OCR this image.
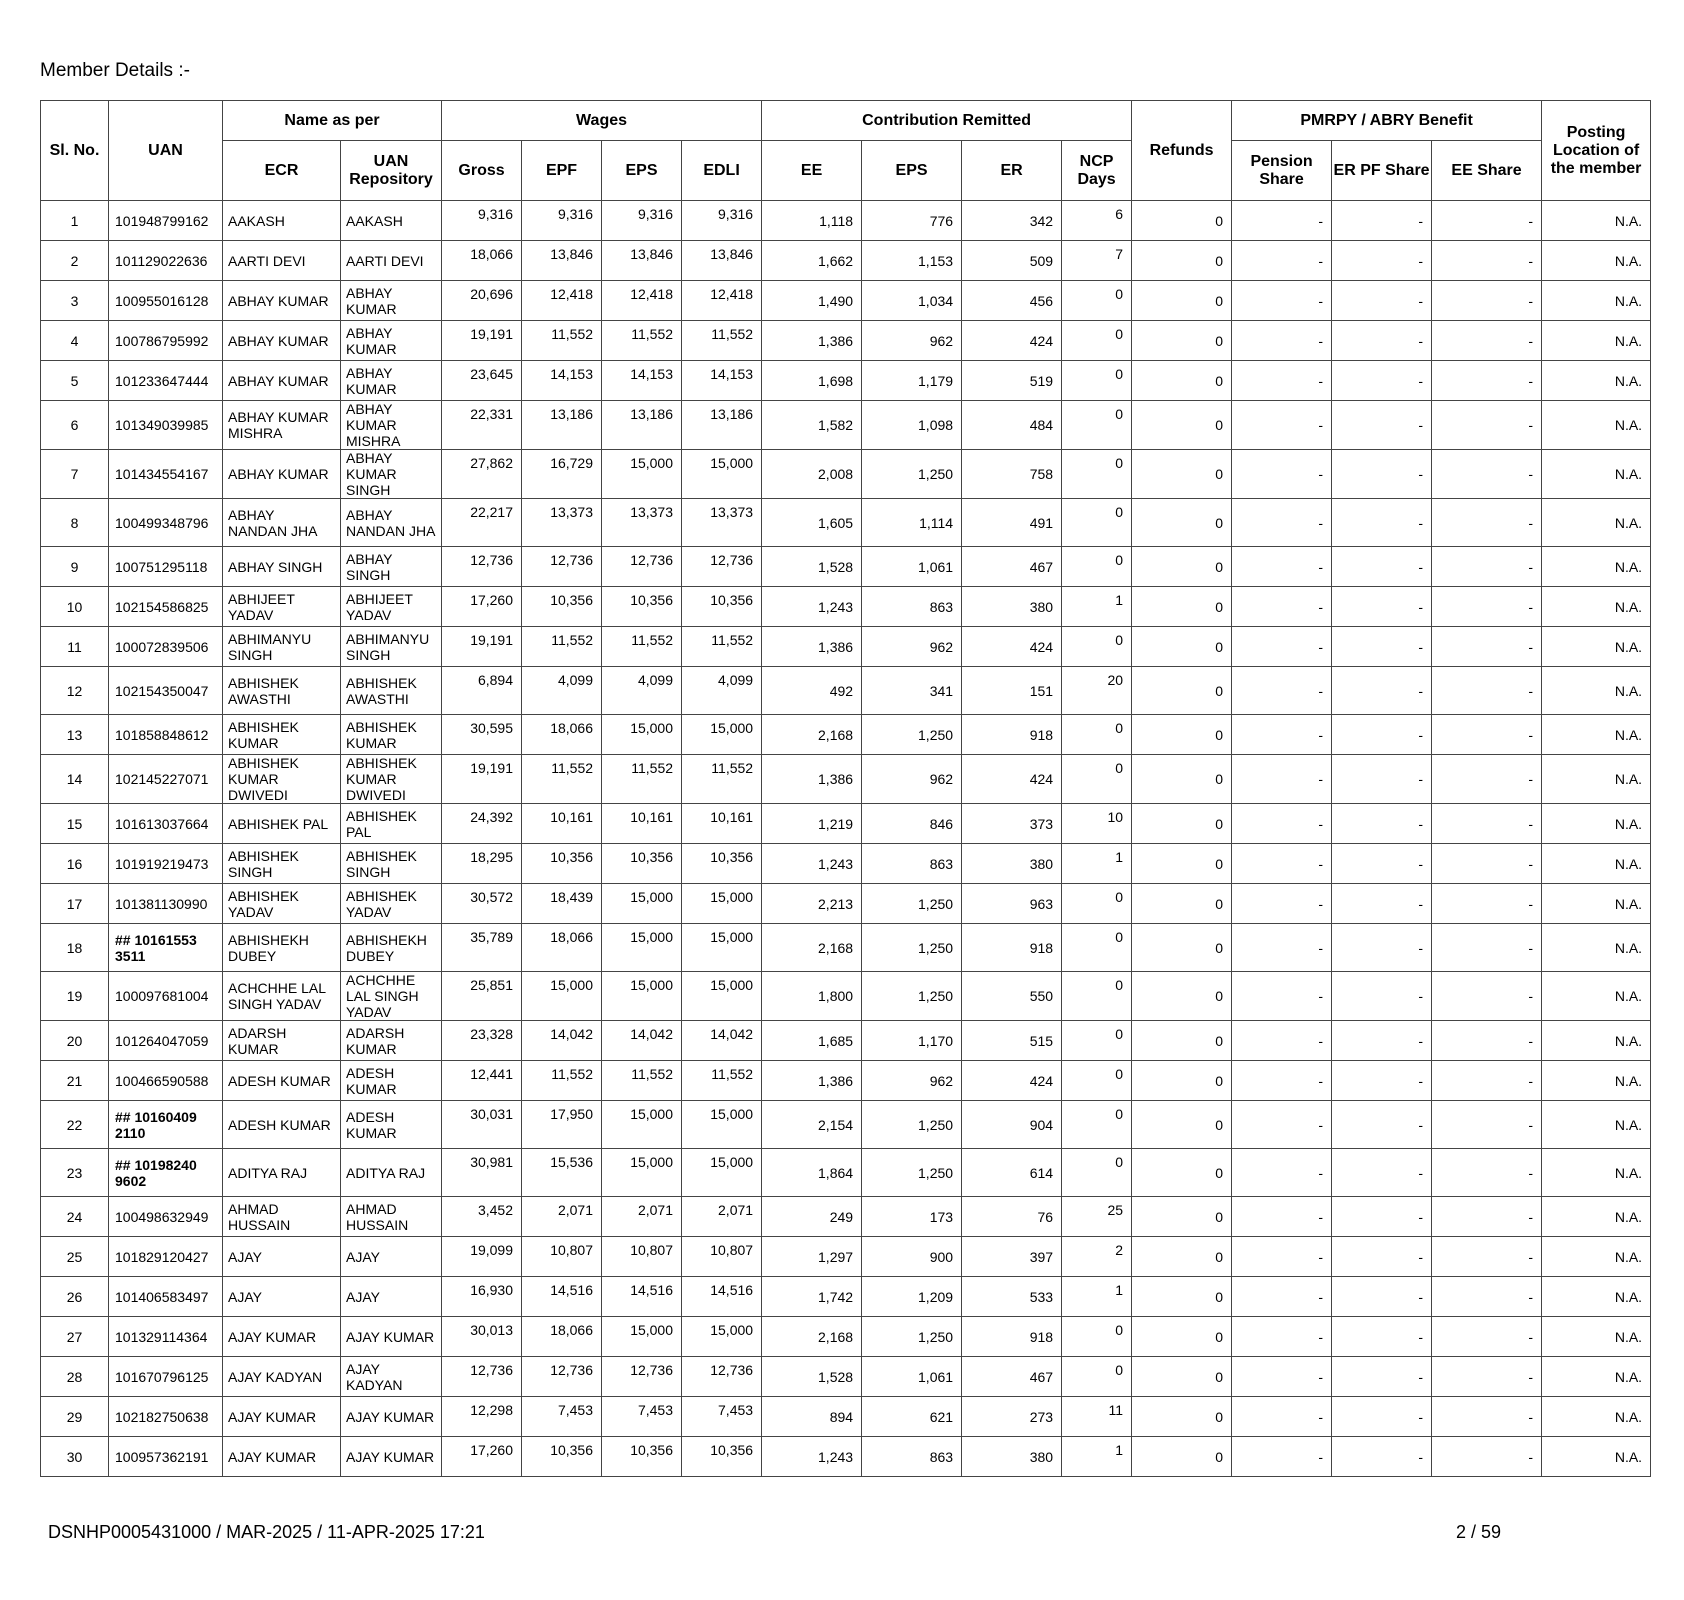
Member Details :-
Sl. No.	UAN	Name as per		Wages				Contribution Remitted				Refunds	PMRPY / ABRY Benefit			Posting Location of the member
		ECR	UAN Repository	Gross	EPF	EPS	EDLI	EE	EPS	ER	NCP Days		Pension Share	ER PF Share	EE Share	
1	101948799162	AAKASH	AAKASH	9,316	9,316	9,316	9,316	1,118	776	342	6	0	-	-	-	N.A.
2	101129022636	AARTI DEVI	AARTI DEVI	18,066	13,846	13,846	13,846	1,662	1,153	509	7	0	-	-	-	N.A.
3	100955016128	ABHAY KUMAR	ABHAY KUMAR	20,696	12,418	12,418	12,418	1,490	1,034	456	0	0	-	-	-	N.A.
4	100786795992	ABHAY KUMAR	ABHAY KUMAR	19,191	11,552	11,552	11,552	1,386	962	424	0	0	-	-	-	N.A.
5	101233647444	ABHAY KUMAR	ABHAY KUMAR	23,645	14,153	14,153	14,153	1,698	1,179	519	0	0	-	-	-	N.A.
6	101349039985	ABHAY KUMAR MISHRA	ABHAY KUMAR MISHRA	22,331	13,186	13,186	13,186	1,582	1,098	484	0	0	-	-	-	N.A.
7	101434554167	ABHAY KUMAR	ABHAY KUMAR SINGH	27,862	16,729	15,000	15,000	2,008	1,250	758	0	0	-	-	-	N.A.
8	100499348796	ABHAY NANDAN JHA	ABHAY NANDAN JHA	22,217	13,373	13,373	13,373	1,605	1,114	491	0	0	-	-	-	N.A.
9	100751295118	ABHAY SINGH	ABHAY SINGH	12,736	12,736	12,736	12,736	1,528	1,061	467	0	0	-	-	-	N.A.
10	102154586825	ABHIJEET YADAV	ABHIJEET YADAV	17,260	10,356	10,356	10,356	1,243	863	380	1	0	-	-	-	N.A.
11	100072839506	ABHIMANYU SINGH	ABHIMANYU SINGH	19,191	11,552	11,552	11,552	1,386	962	424	0	0	-	-	-	N.A.
12	102154350047	ABHISHEK AWASTHI	ABHISHEK AWASTHI	6,894	4,099	4,099	4,099	492	341	151	20	0	-	-	-	N.A.
13	101858848612	ABHISHEK KUMAR	ABHISHEK KUMAR	30,595	18,066	15,000	15,000	2,168	1,250	918	0	0	-	-	-	N.A.
14	102145227071	ABHISHEK KUMAR DWIVEDI	ABHISHEK KUMAR DWIVEDI	19,191	11,552	11,552	11,552	1,386	962	424	0	0	-	-	-	N.A.
15	101613037664	ABHISHEK PAL	ABHISHEK PAL	24,392	10,161	10,161	10,161	1,219	846	373	10	0	-	-	-	N.A.
16	101919219473	ABHISHEK SINGH	ABHISHEK SINGH	18,295	10,356	10,356	10,356	1,243	863	380	1	0	-	-	-	N.A.
17	101381130990	ABHISHEK YADAV	ABHISHEK YADAV	30,572	18,439	15,000	15,000	2,213	1,250	963	0	0	-	-	-	N.A.
18	## 101615533511	ABHISHEKH DUBEY	ABHISHEKH DUBEY	35,789	18,066	15,000	15,000	2,168	1,250	918	0	0	-	-	-	N.A.
19	100097681004	ACHCHHE LAL SINGH YADAV	ACHCHHE LAL SINGH YADAV	25,851	15,000	15,000	15,000	1,800	1,250	550	0	0	-	-	-	N.A.
20	101264047059	ADARSH KUMAR	ADARSH KUMAR	23,328	14,042	14,042	14,042	1,685	1,170	515	0	0	-	-	-	N.A.
21	100466590588	ADESH KUMAR	ADESH KUMAR	12,441	11,552	11,552	11,552	1,386	962	424	0	0	-	-	-	N.A.
22	## 101604092110	ADESH KUMAR	ADESH KUMAR	30,031	17,950	15,000	15,000	2,154	1,250	904	0	0	-	-	-	N.A.
23	## 101982409602	ADITYA RAJ	ADITYA RAJ	30,981	15,536	15,000	15,000	1,864	1,250	614	0	0	-	-	-	N.A.
24	100498632949	AHMAD HUSSAIN	AHMAD HUSSAIN	3,452	2,071	2,071	2,071	249	173	76	25	0	-	-	-	N.A.
25	101829120427	AJAY	AJAY	19,099	10,807	10,807	10,807	1,297	900	397	2	0	-	-	-	N.A.
26	101406583497	AJAY	AJAY	16,930	14,516	14,516	14,516	1,742	1,209	533	1	0	-	-	-	N.A.
27	101329114364	AJAY KUMAR	AJAY KUMAR	30,013	18,066	15,000	15,000	2,168	1,250	918	0	0	-	-	-	N.A.
28	101670796125	AJAY KADYAN	AJAY KADYAN	12,736	12,736	12,736	12,736	1,528	1,061	467	0	0	-	-	-	N.A.
29	102182750638	AJAY KUMAR	AJAY KUMAR	12,298	7,453	7,453	7,453	894	621	273	11	0	-	-	-	N.A.
30	100957362191	AJAY KUMAR	AJAY KUMAR	17,260	10,356	10,356	10,356	1,243	863	380	1	0	-	-	-	N.A.
DSNHP0005431000 / MAR-2025 / 11-APR-2025 17:21	2 / 59
